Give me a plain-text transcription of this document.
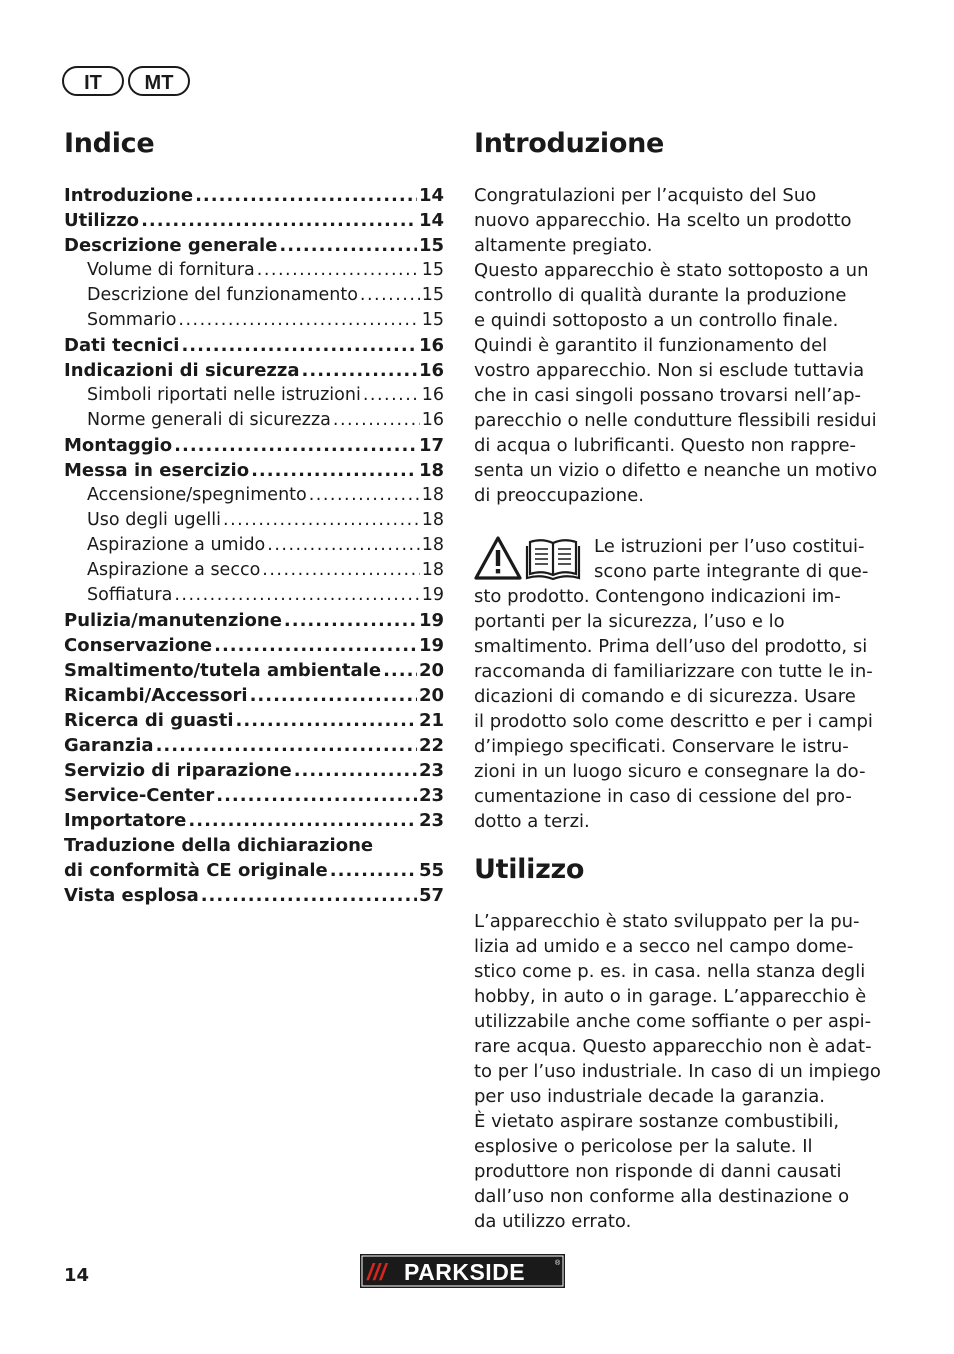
IT	MT
Indice
Introduzione .....	14
Utilizzo .....	14
Descrizione generale .....	15
Volume di fornitura .....	15
Descrizione del funzionamento .....	15
Sommario .....	15
Dati tecnici .....	16
Indicazioni di sicurezza .....	16
Simboli riportati nelle istruzioni .....	16
Norme generali di sicurezza .....	16
Montaggio .....	17
Messa in esercizio .....	18
Accensione/spegnimento .....	18
Uso degli ugelli .....	18
Aspirazione a umido .....	18
Aspirazione a secco .....	18
Soffiatura .....	19
Pulizia/manutenzione .....	19
Conservazione .....	19
Smaltimento/tutela ambientale ..... 20
Ricambi/Accessori .....	20
Ricerca di guasti .....	21
Garanzia .....	22
Servizio di riparazione .....	23
Service-Center .....	23
Importatore .....	23
Traduzione della dichiarazione
di conformità CE originale .....	55
Vista esplosa .....	57
Introduzione

Congratulazioni per l’acquisto del Suo

nuovo apparecchio. Ha scelto un prodotto

altamente pregiato.

Questo apparecchio è stato sottoposto a un

controllo di qualità durante la produzione

e quindi sottoposto a un controllo finale.

Quindi è garantito il funzionamento del

vostro apparecchio. Non si esclude tuttavia

che in casi singoli possano trovarsi nell’ap-

parecchio o nelle condutture flessibili residui

di acqua o lubrificanti. Questo non rappre-

senta un vizio o difetto e neanche un motivo

di preoccupazione.

Le istruzioni per l’uso costitui-

scono parte integrante di que-

sto prodotto. Contengono indicazioni im-

portanti per la sicurezza, l’uso e lo

smaltimento. Prima dell’uso del prodotto, si

raccomanda di familiarizzare con tutte le in-

dicazioni di comando e di sicurezza. Usare

il prodotto solo come descritto e per i campi

d’impiego specificati. Conservare le istru-

zioni in un luogo sicuro e consegnare la do-

cumentazione in caso di cessione del pro-

dotto a terzi.

Utilizzo

L’apparecchio è stato sviluppato per la pu-

lizia ad umido e a secco nel campo dome-

stico come p. es. in casa. nella stanza degli

hobby, in auto o in garage. L’apparecchio è

utilizzabile anche come soffiante o per aspi-

rare acqua. Questo apparecchio non è adat-

to per l’uso industriale. In caso di un impiego

per uso industriale decade la garanzia.

È vietato aspirare sostanze combustibili,

esplosive o pericolose per la salute. Il

produttore non risponde di danni causati

dall’uso non conforme alla destinazione o

da utilizzo errato.

14	/// PARKSIDE	®
